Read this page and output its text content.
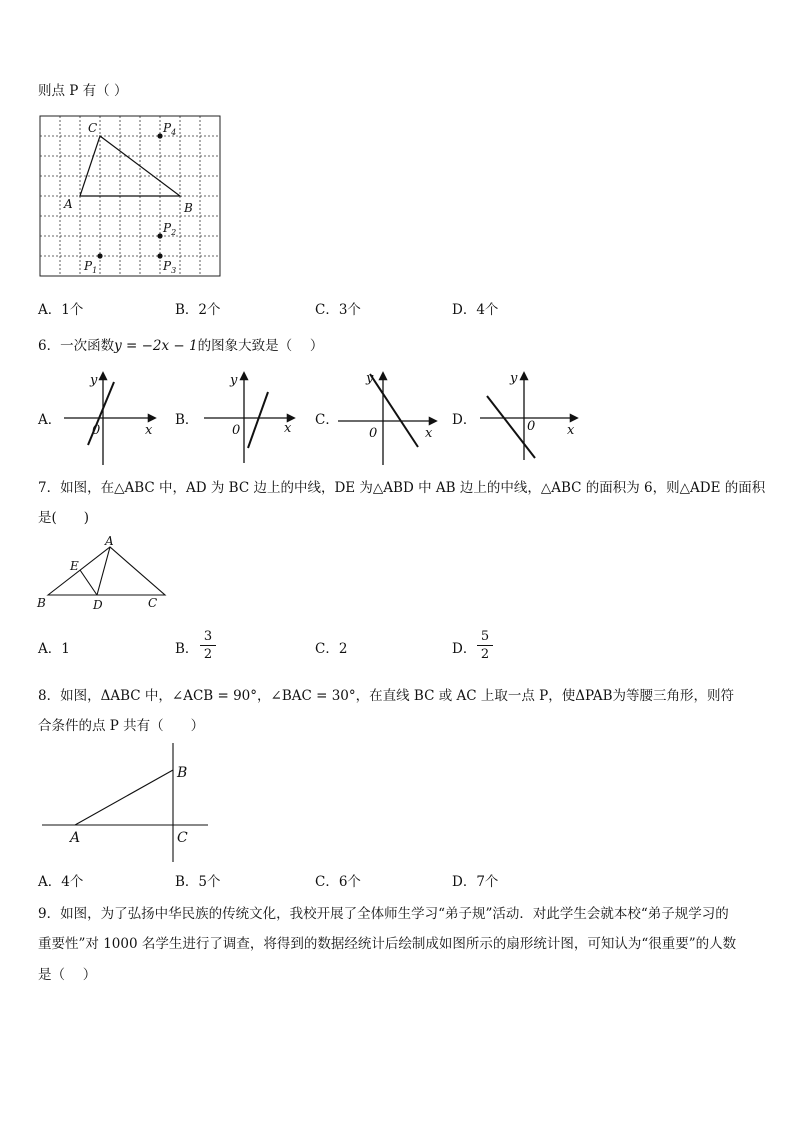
则点 P 有（ ）
C
A	B
$P_4$
$P_2$
$P_1$	$P_3$
A．1个	B．2个	C．3个	D．4个
6．一次函数y = −2x − 1的图象大致是（　 ）
A．	B．	C．	D．
y
x
0
y
x
0
y
x
0
y
x
0
7．如图，在△ABC 中，AD 为 BC 边上的中线，DE 为△ABD 中 AB 边上的中线，△ABC 的面积为 6，则△ADE 的面积
是(　　)
A
E
B	D	C
A．1	B．
3
2	C．2	D．
5
2
8．如图，ΔABC 中，∠ACB = 90°，∠BAC = 30°，在直线 BC 或 AC 上取一点 P，使ΔPAB为等腰三角形，则符
合条件的点 P 共有（　　）
A
B
C
A．4个	B．5个	C．6个	D．7个
9．如图，为了弘扬中华民族的传统文化，我校开展了全体师生学习“弟子规”活动．对此学生会就本校“弟子规学习的
重要性”对 1000 名学生进行了调查，将得到的数据经统计后绘制成如图所示的扇形统计图，可知认为“很重要”的人数
是（　 ）
